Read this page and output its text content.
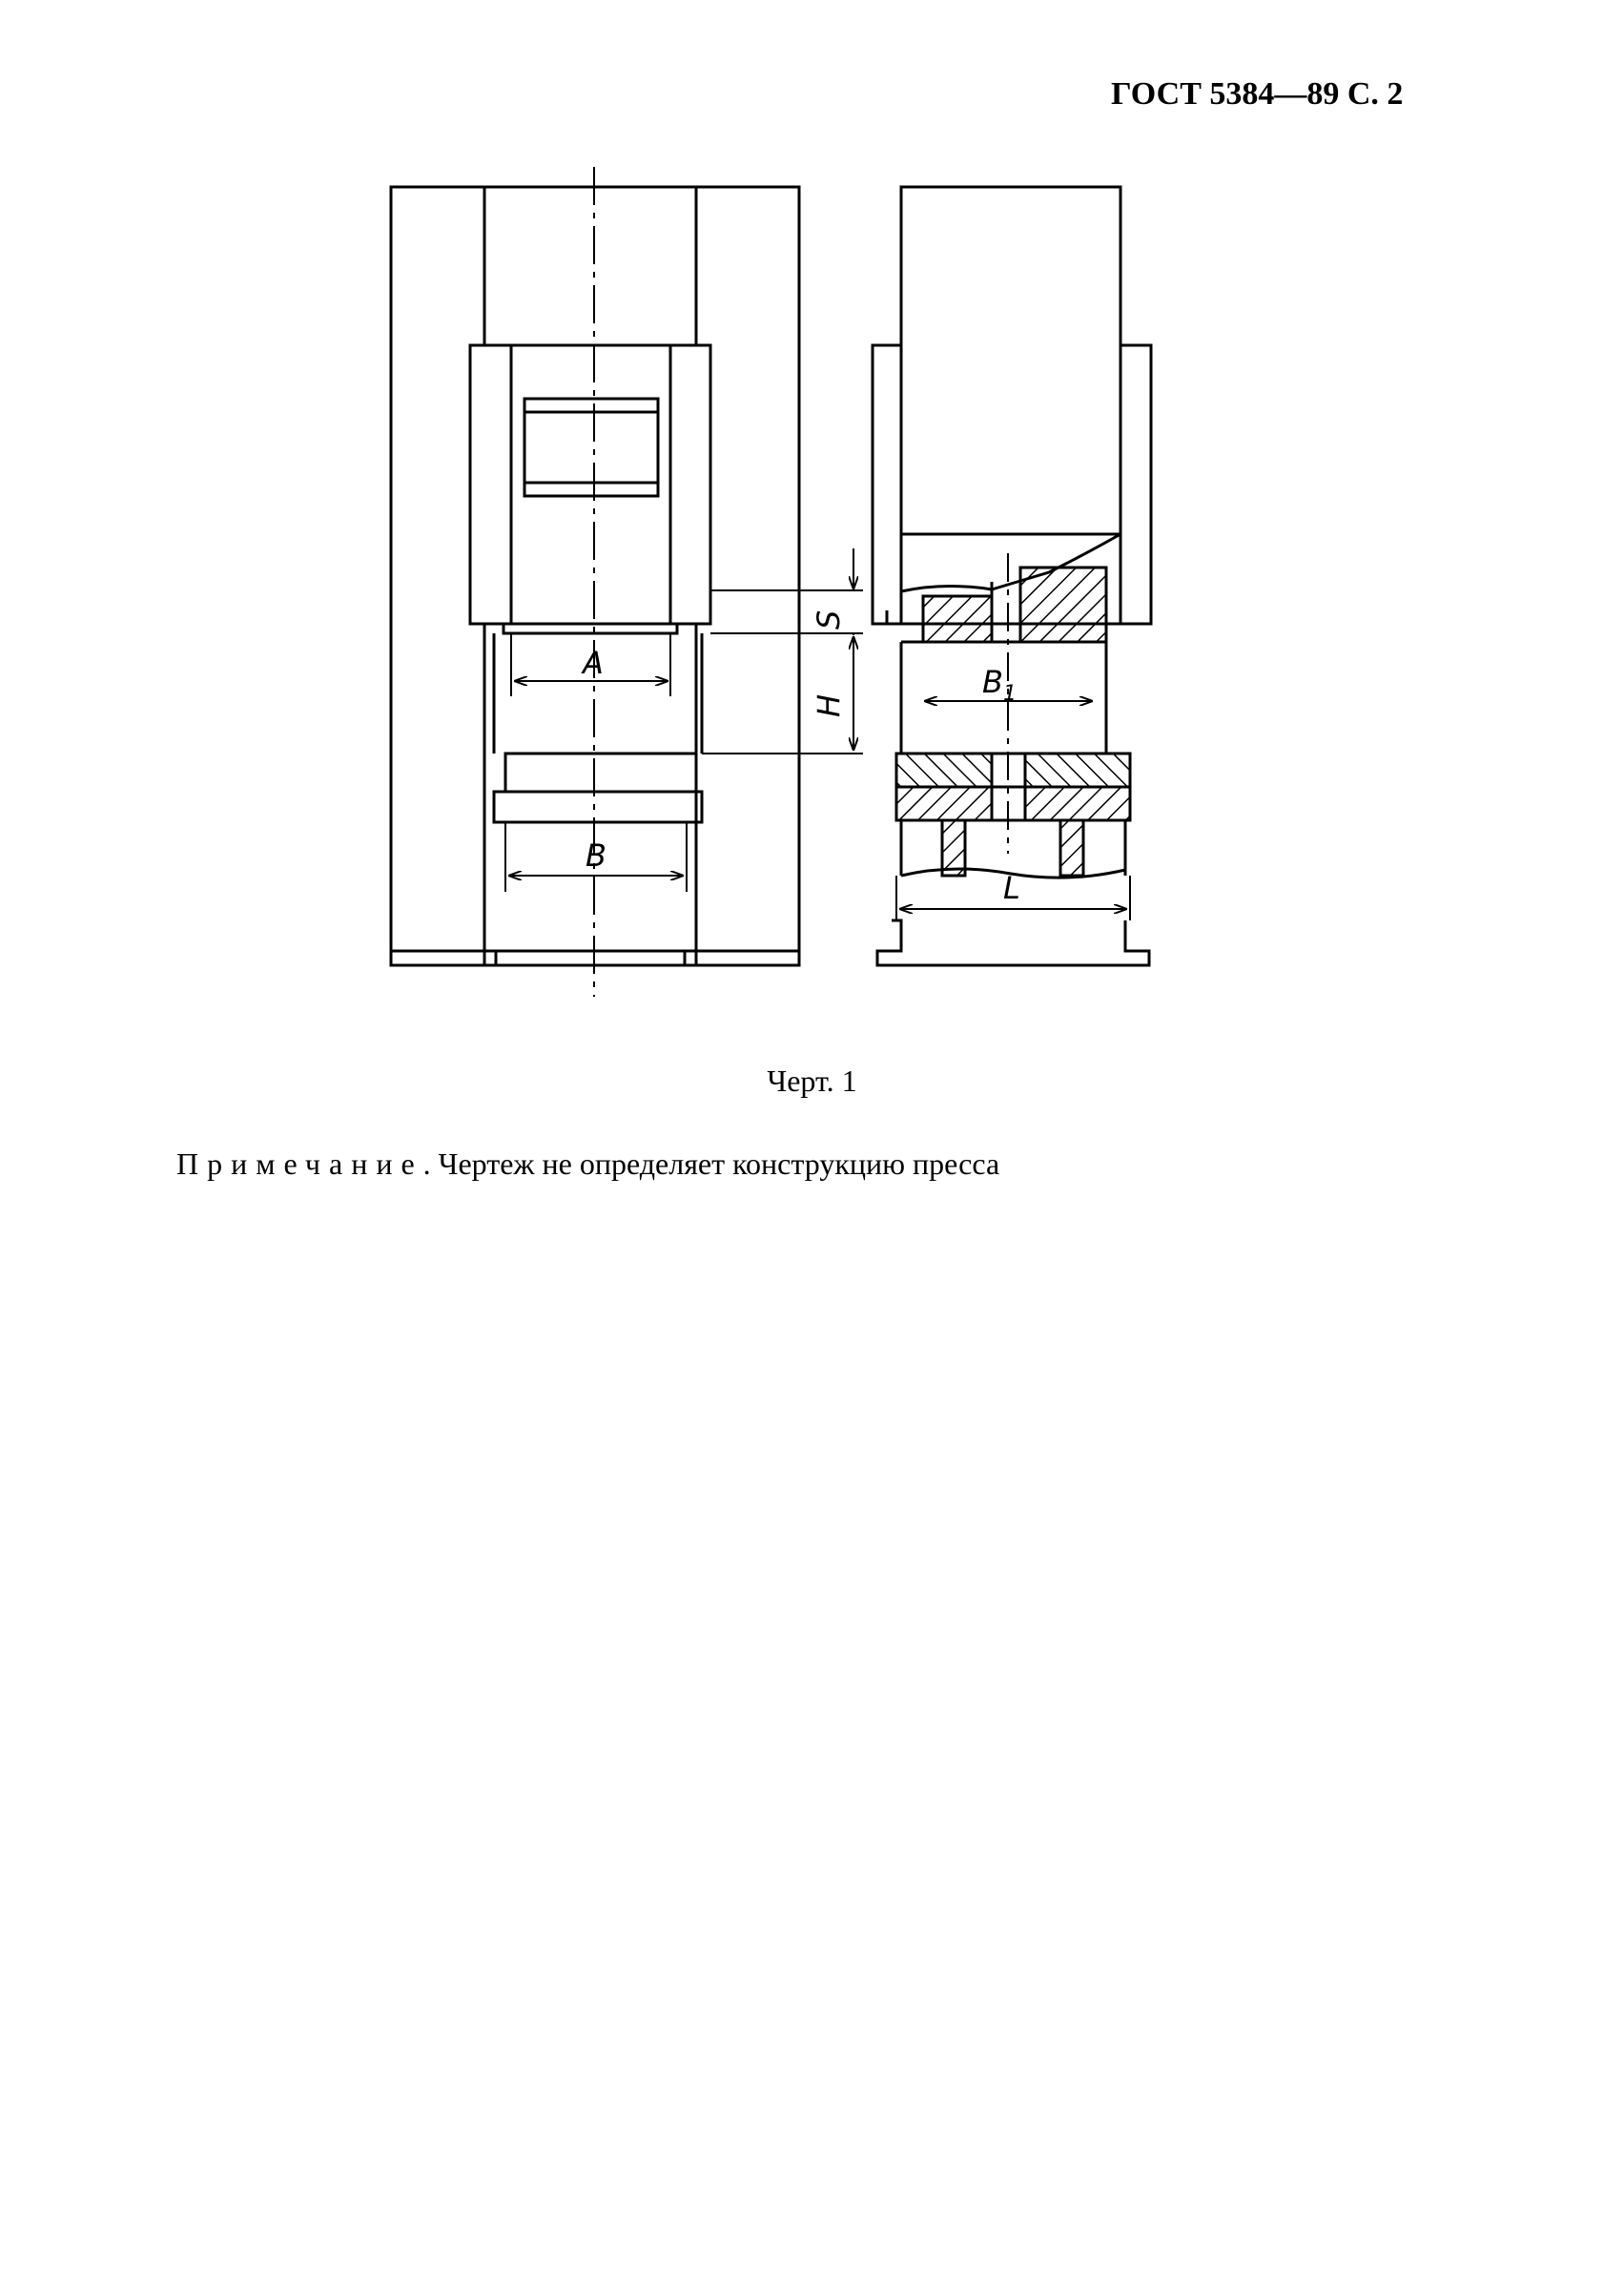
ГОСТ 5384—89 С. 2
A
B
S
H
B 1
L
Черт. 1
Примечание. Чертеж не определяет конструкцию пресса
